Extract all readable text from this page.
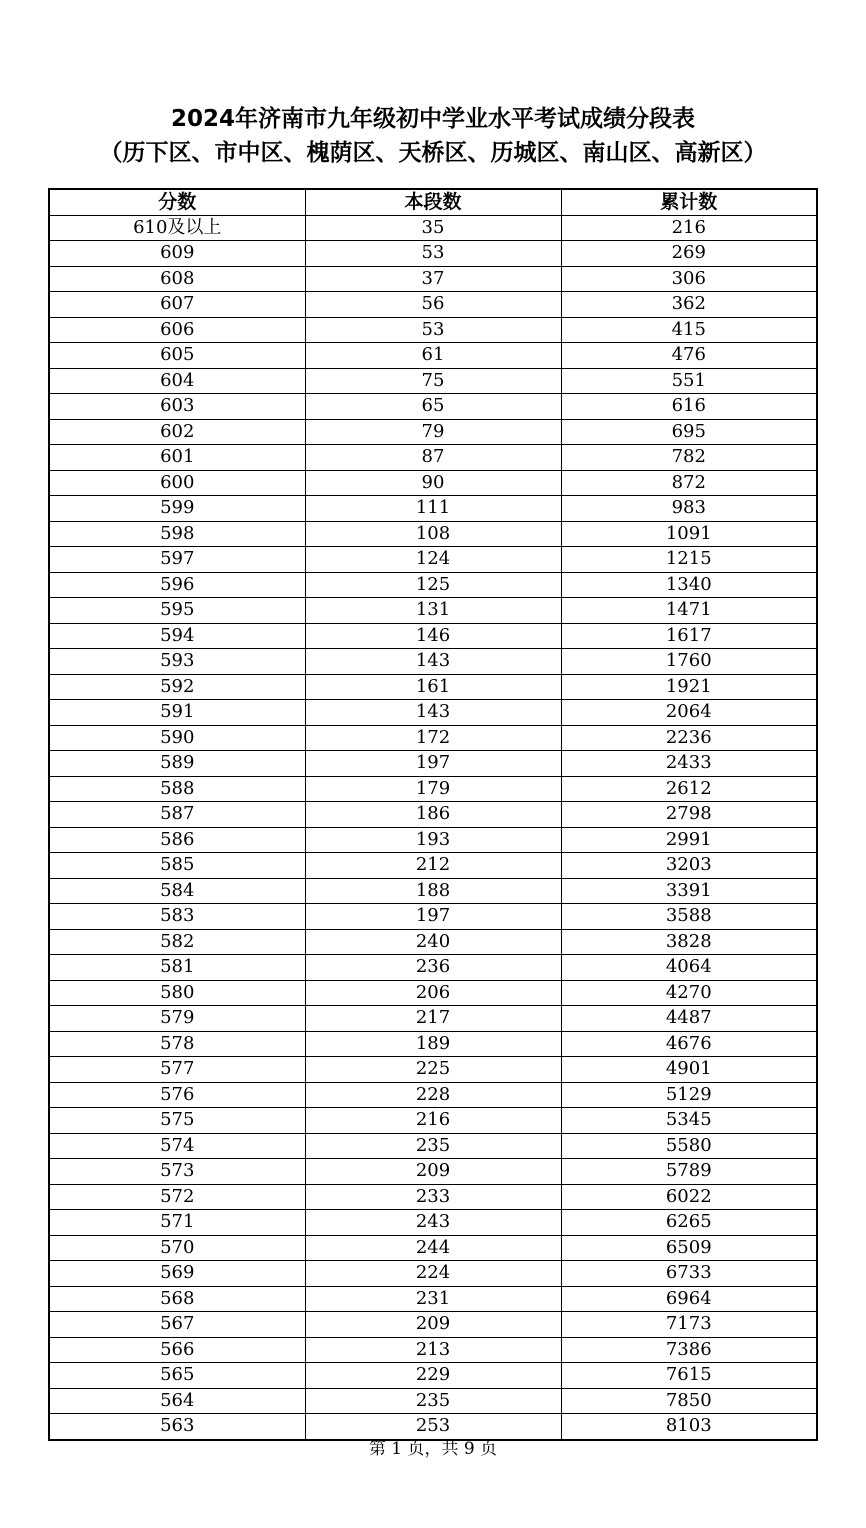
2024年济南市九年级初中学业水平考试成绩分段表
（历下区、市中区、槐荫区、天桥区、历城区、南山区、高新区）
分数	本段数	累计数
610及以上	35	216
609	53	269
608	37	306
607	56	362
606	53	415
605	61	476
604	75	551
603	65	616
602	79	695
601	87	782
600	90	872
599	111	983
598	108	1091
597	124	1215
596	125	1340
595	131	1471
594	146	1617
593	143	1760
592	161	1921
591	143	2064
590	172	2236
589	197	2433
588	179	2612
587	186	2798
586	193	2991
585	212	3203
584	188	3391
583	197	3588
582	240	3828
581	236	4064
580	206	4270
579	217	4487
578	189	4676
577	225	4901
576	228	5129
575	216	5345
574	235	5580
573	209	5789
572	233	6022
571	243	6265
570	244	6509
569	224	6733
568	231	6964
567	209	7173
566	213	7386
565	229	7615
564	235	7850
563	253	8103
第 1 页，共 9 页
